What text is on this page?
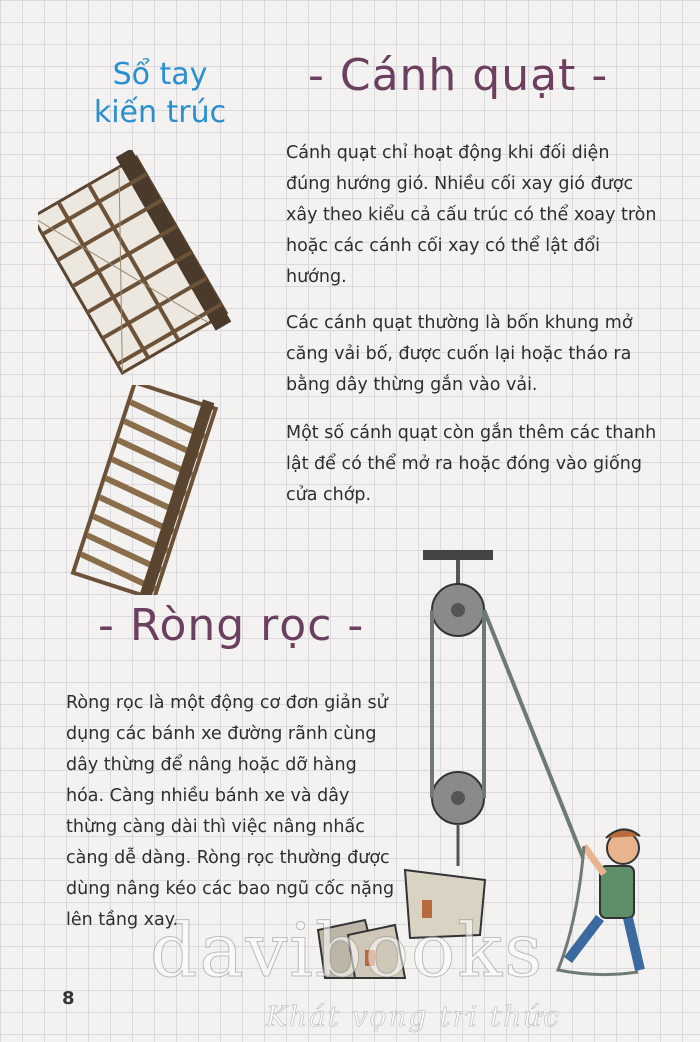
Sổ tay kiến trúc
- Cánh quạt -
Cánh quạt chỉ hoạt động khi đối diện đúng hướng gió. Nhiều cối xay gió được xây theo kiểu cả cấu trúc có thể xoay tròn hoặc các cánh cối xay có thể lật đổi hướng.
Các cánh quạt thường là bốn khung mở căng vải bố, được cuốn lại hoặc tháo ra bằng dây thừng gắn vào vải.
Một số cánh quạt còn gắn thêm các thanh lật để có thể mở ra hoặc đóng vào giống cửa chớp.
- Ròng rọc -
Ròng rọc là một động cơ đơn giản sử dụng các bánh xe đường rãnh cùng dây thừng để nâng hoặc dỡ hàng hóa. Càng nhiều bánh xe và dây thừng càng dài thì việc nâng nhấc càng dễ dàng. Ròng rọc thường được dùng nâng kéo các bao ngũ cốc nặng lên tầng xay.
8
davibooks
Khát vọng tri thức
